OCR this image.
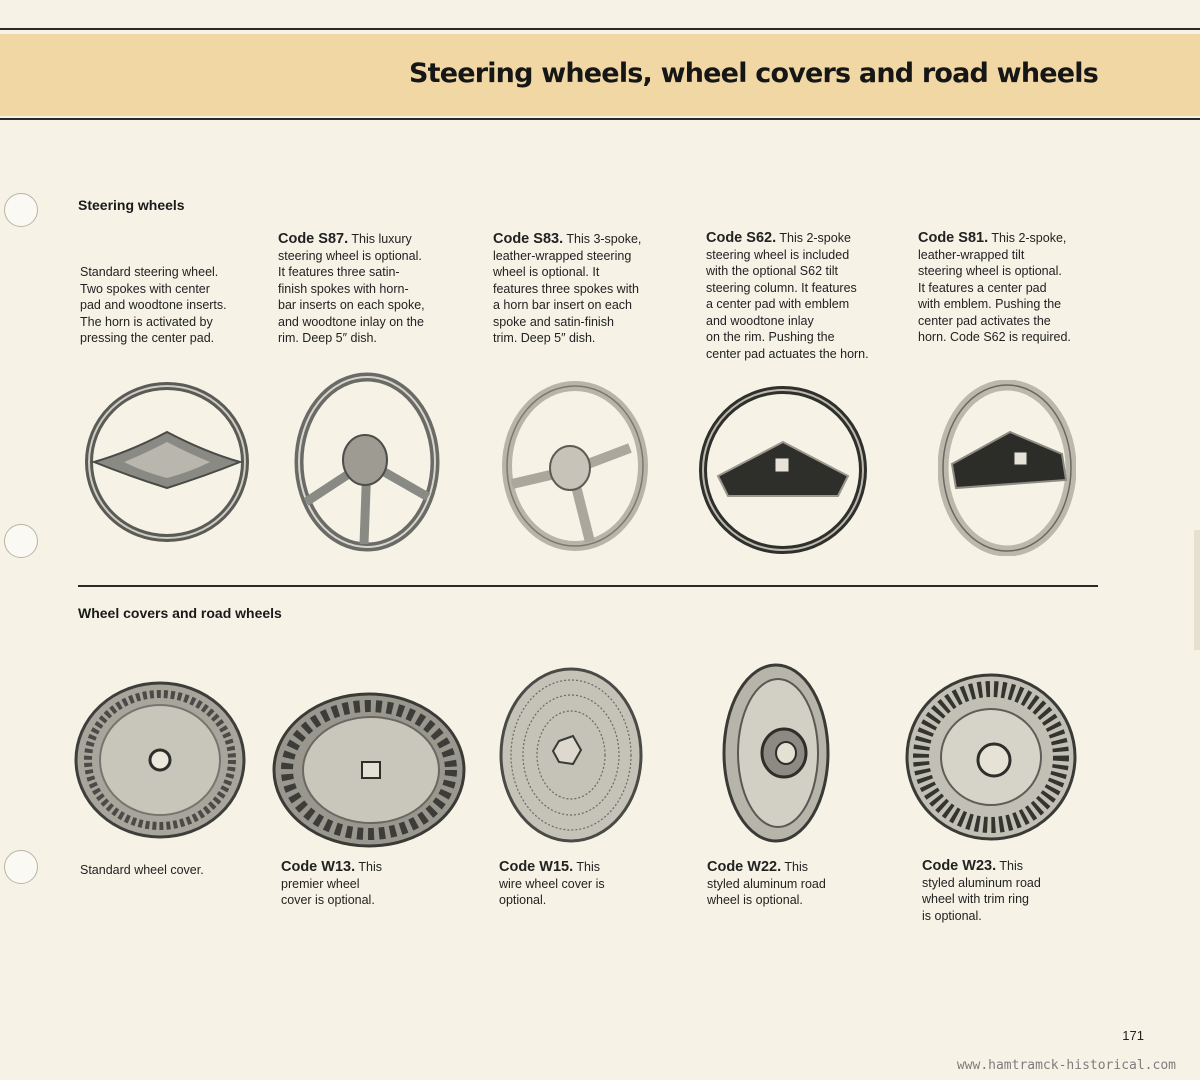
Steering wheels, wheel covers and road wheels
Steering wheels
Standard steering wheel.
Two spokes with center
pad and woodtone inserts.
The horn is activated by
pressing the center pad.
Code S87. This luxury
steering wheel is optional.
It features three satin-
finish spokes with horn-
bar inserts on each spoke,
and woodtone inlay on the
rim. Deep 5″ dish.
Code S83. This 3-spoke,
leather-wrapped steering
wheel is optional. It
features three spokes with
a horn bar insert on each
spoke and satin-finish
trim. Deep 5″ dish.
Code S62. This 2-spoke
steering wheel is included
with the optional S62 tilt
steering column. It features
a center pad with emblem
and woodtone inlay
on the rim. Pushing the
center pad actuates the horn.
Code S81. This 2-spoke,
leather-wrapped tilt
steering wheel is optional.
It features a center pad
with emblem. Pushing the
center pad activates the
horn. Code S62 is required.
Wheel covers and road wheels
Standard wheel cover.	Code W13. This
premier wheel
cover is optional.
Code W15. This
wire wheel cover is
optional.
Code W22. This
styled aluminum road
wheel is optional.
Code W23. This
styled aluminum road
wheel with trim ring
is optional.
171
www.hamtramck-historical.com
